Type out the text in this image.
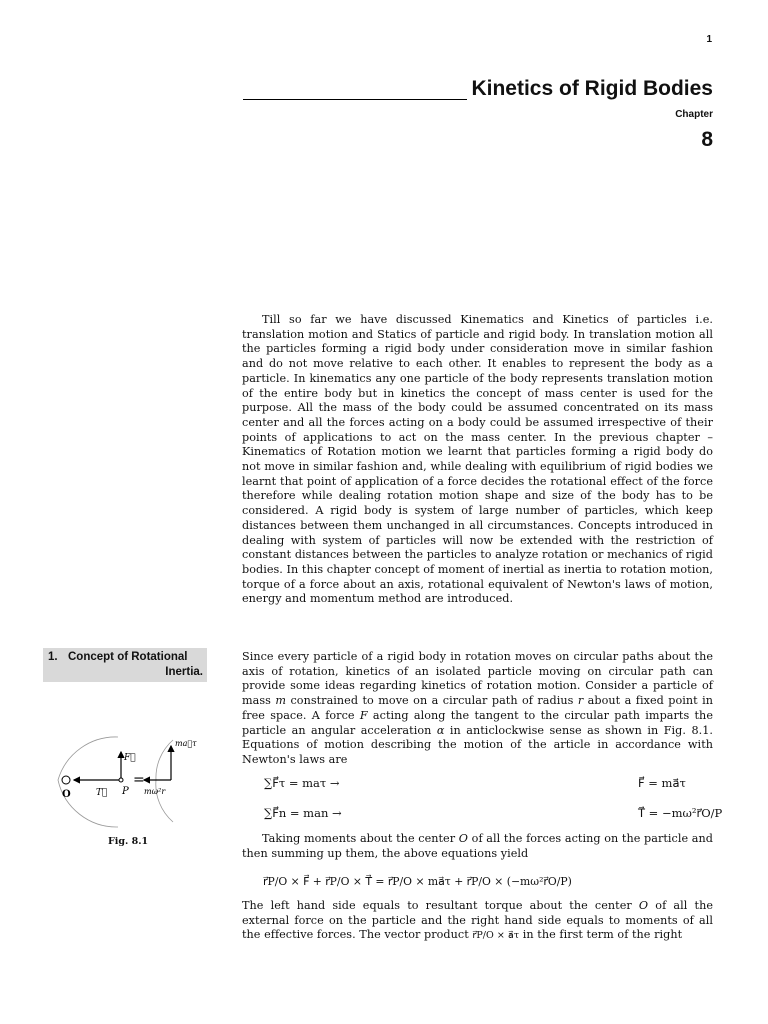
1
Kinetics of Rigid Bodies
Chapter
8

Till so far we have discussed Kinematics and Kinetics of particles i.e. translation motion and Statics of particle and rigid body. In translation motion all the particles forming a rigid body under consideration move in similar fashion and do not move relative to each other. It enables to represent the body as a particle. In kinematics any one particle of the body represents translation motion of the entire body but in kinetics the concept of mass center is used for the purpose. All the mass of the body could be assumed concentrated on its mass center and all the forces acting on a body could be assumed irrespective of their points of applications to act on the mass center. In the previous chapter – Kinematics of Rotation motion we learnt that particles forming a rigid body do not move in similar fashion and, while dealing with equilibrium of rigid bodies we learnt that point of application of a force decides the rotational effect of the force therefore while dealing rotation motion shape and size of the body has to be considered. A rigid body is system of large number of particles, which keep distances between them unchanged in all circumstances. Concepts introduced in dealing with system of particles will now be extended with the restriction of constant distances between the particles to analyze rotation or mechanics of rigid bodies. In this chapter concept of moment of inertial as inertia to rotation motion, torque of a force about an axis, rotational equivalent of Newton's laws of motion, energy and momentum method are introduced.

1. Concept of Rotational
Inertia.

Since every particle of a rigid body in rotation moves on circular paths about the axis of rotation, kinetics of an isolated particle moving on circular path can provide some ideas regarding kinetics of rotation motion. Consider a particle of mass m constrained to move on a circular path of radius r about a fixed point in free space. A force F acting along the tangent to the circular path imparts the particle an angular acceleration α in anticlockwise sense as shown in Fig. 8.1. Equations of motion describing the motion of the article in accordance with Newton's laws are

∑F⃗τ = maτ →	F⃗ = ma⃗τ
∑F⃗n = man →	T⃗ = −mω²r⃗O/P

Taking moments about the center O of all the forces acting on the particle and then summing up them, the above equations yield

r⃗P/O × F⃗ + r⃗P/O × T⃗ = r⃗P/O × ma⃗τ + r⃗P/O × (−mω²r⃗O/P)

The left hand side equals to resultant torque about the center O of all the external force on the particle and the right hand side equals to moments of all the effective forces. The vector product r⃗P/O × a⃗τ in the first term of the right

O	T⃗ P
F⃗
=
ma⃗τ
mω²r
Fig. 8.1
